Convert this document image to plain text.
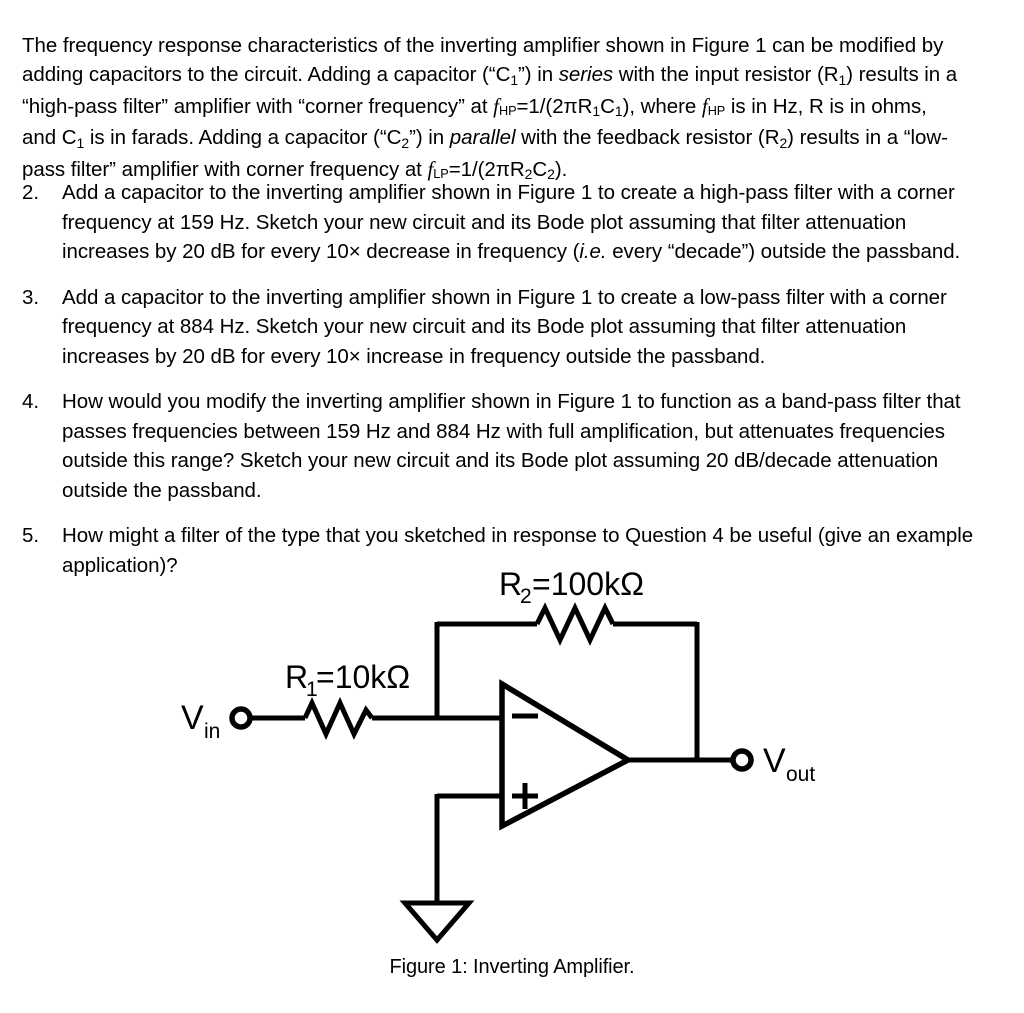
The frequency response characteristics of the inverting amplifier shown in Figure 1 can be modified by adding capacitors to the circuit. Adding a capacitor $(“C_1”)$ in series with the input resistor $(R_1)$ results in a “high-pass filter” amplifier with “corner frequency” at $fHP=1/(2\pi R_1C_1)$, where fHP is in Hz, R is in ohms, and $C_1$ is in farads. Adding a capacitor $(“C_2”)$ in parallel with the feedback resistor $(R_2)$ results in a “low-pass filter” amplifier with corner frequency at $fLP=1/(2\pi R_2C_2)$.

2.	Add a capacitor to the inverting amplifier shown in Figure 1 to create a high-pass filter with a corner frequency at 159 Hz. Sketch your new circuit and its Bode plot assuming that filter attenuation increases by 20 dB for every 10× decrease in frequency (i.e. every “decade”) outside the passband.
3.	Add a capacitor to the inverting amplifier shown in Figure 1 to create a low-pass filter with a corner frequency at 884 Hz. Sketch your new circuit and its Bode plot assuming that filter attenuation increases by 20 dB for every 10× increase in frequency outside the passband.
4.	How would you modify the inverting amplifier shown in Figure 1 to function as a band-pass filter that passes frequencies between 159 Hz and 884 Hz with full amplification, but attenuates frequencies outside this range? Sketch your new circuit and its Bode plot assuming 20 dB/decade attenuation outside the passband.
5.	How might a filter of the type that you sketched in response to Question 4 be useful (give an example application)?
R
2 =100kΩ
R
1
=10kΩ
V in
V out
Figure 1: Inverting Amplifier.
